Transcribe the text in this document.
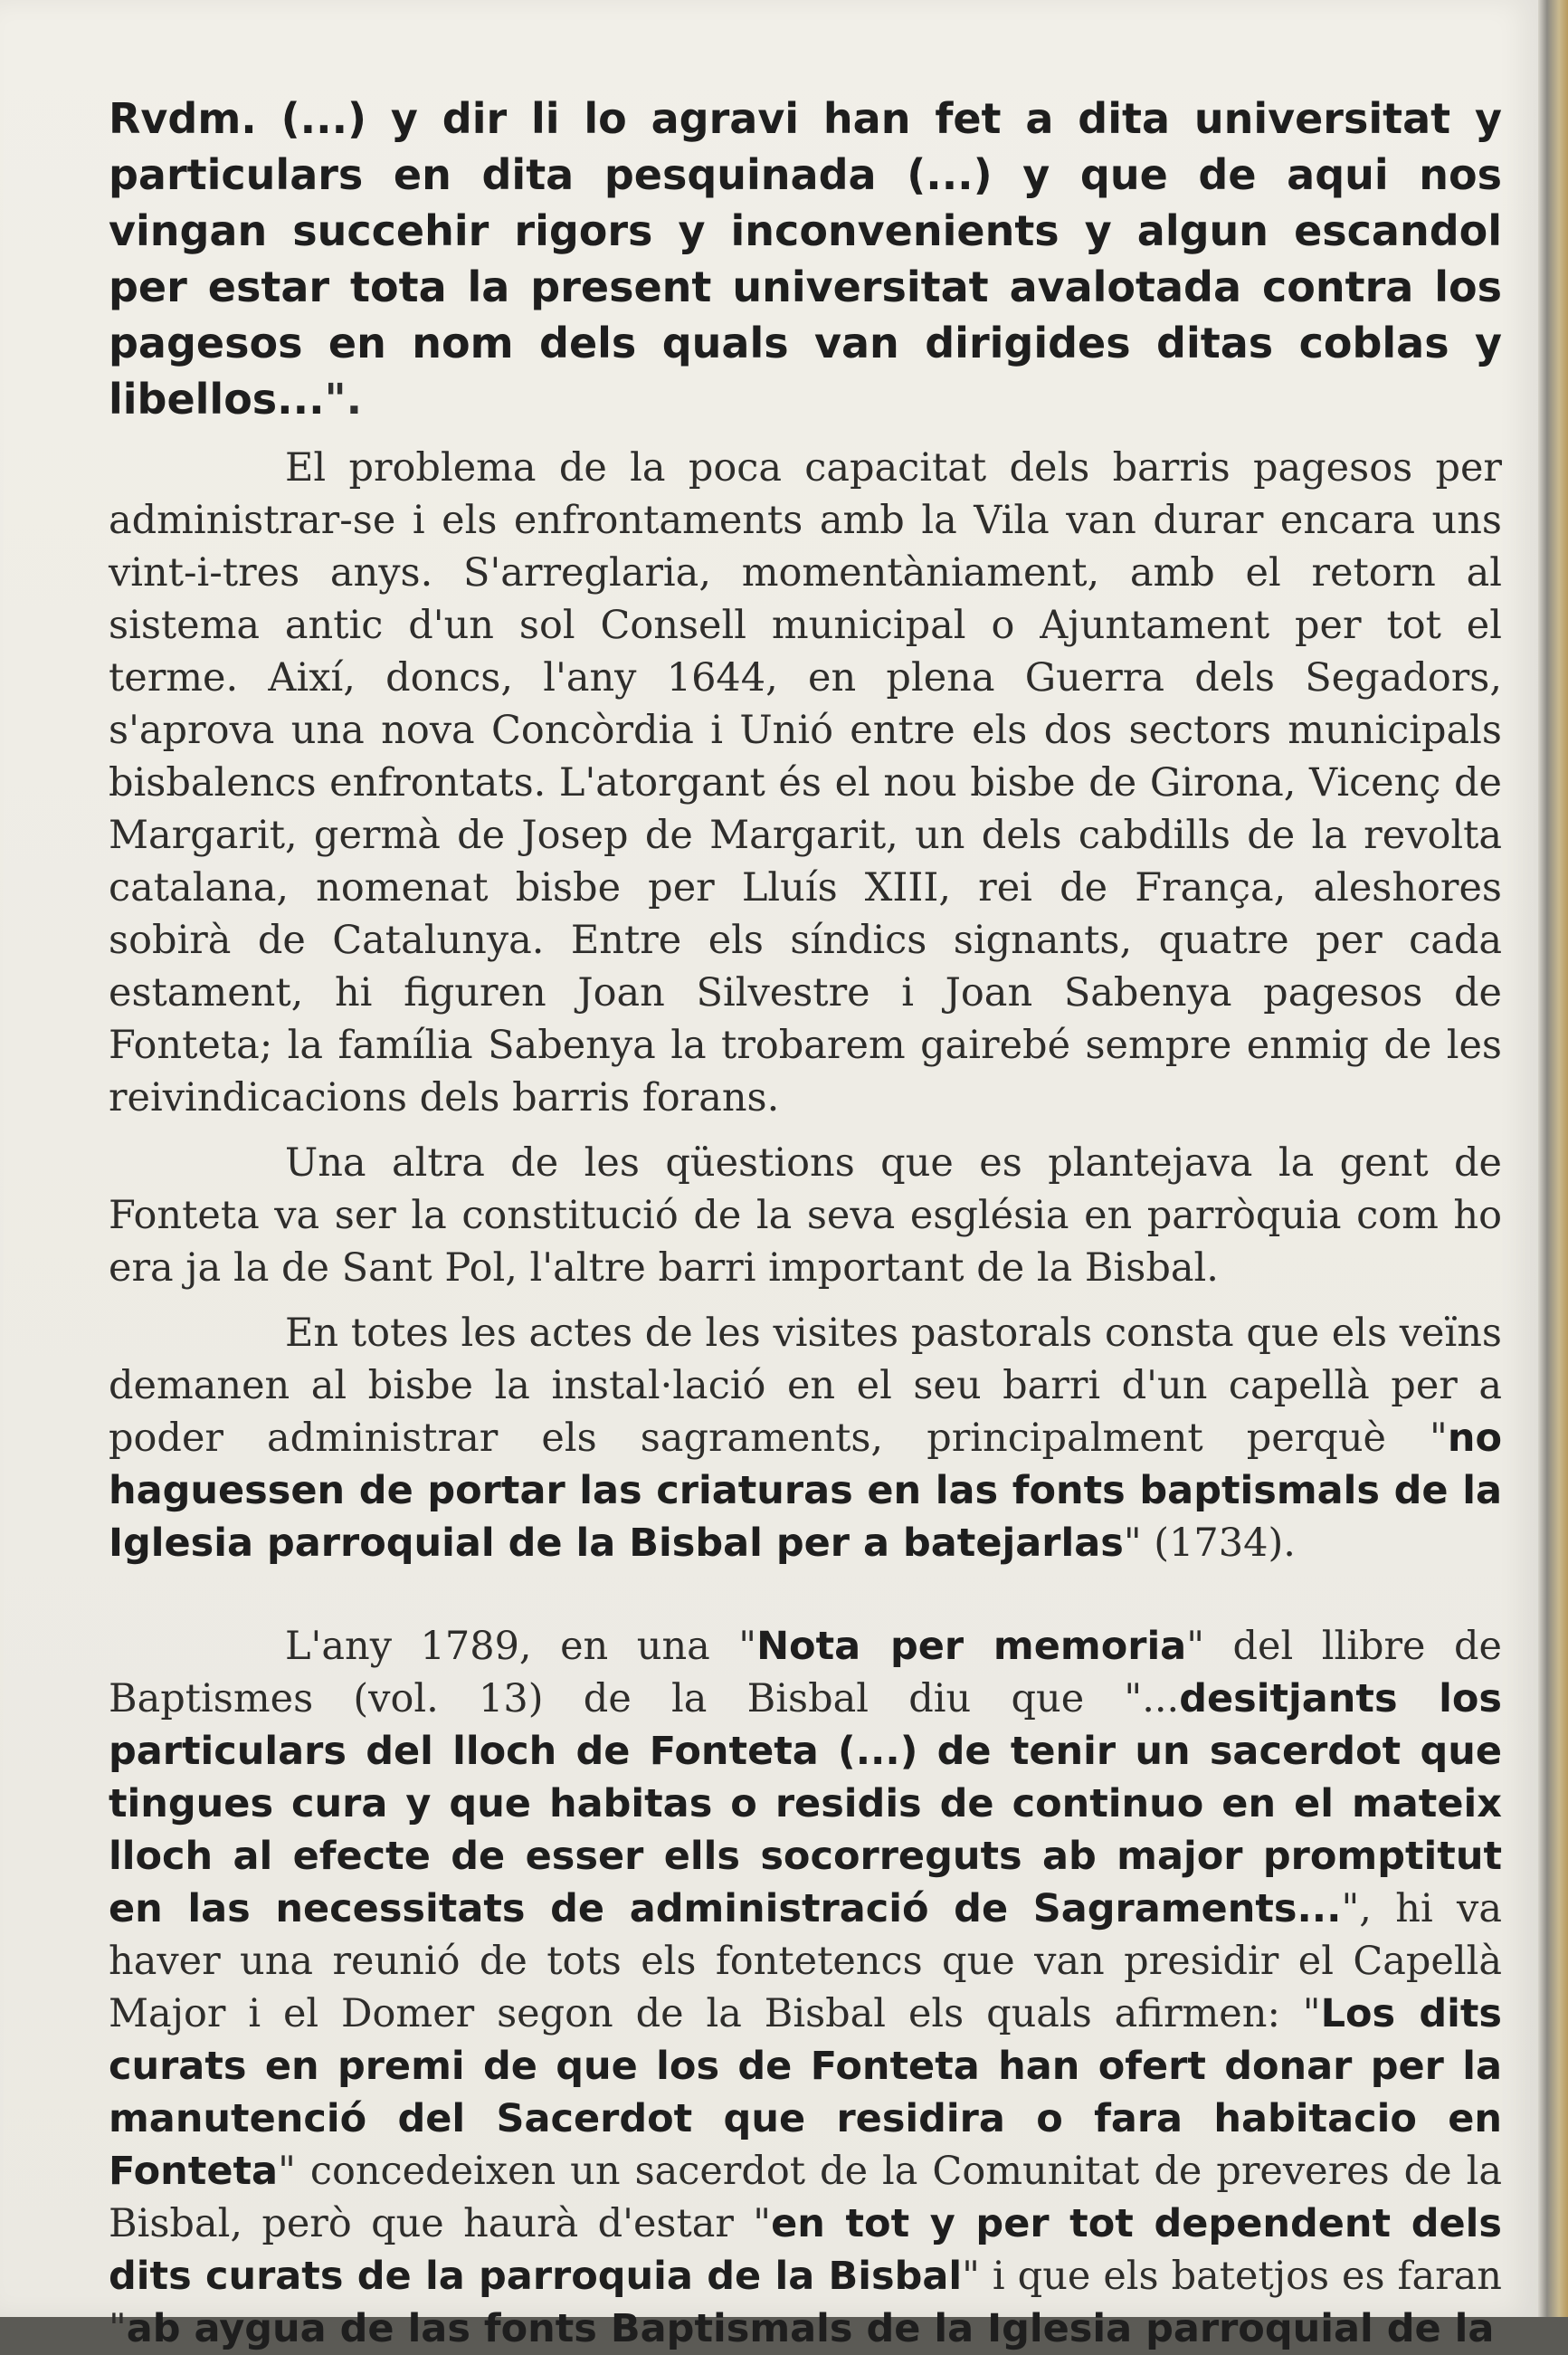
Rvdm. (...) y dir li lo agravi han fet a dita universitat y particulars en dita pesquinada (...) y que de aqui nos vingan succehir rigors y inconvenients y algun escandol per estar tota la present universitat avalotada contra los pagesos en nom dels quals van dirigides ditas coblas y libellos...".

El problema de la poca capacitat dels barris pagesos per administrar-se i els enfrontaments amb la Vila van durar encara uns vint-i-tres anys. S'arreglaria, momentàniament, amb el retorn al sistema antic d'un sol Consell municipal o Ajuntament per tot el terme. Així, doncs, l'any 1644, en plena Guerra dels Segadors, s'aprova una nova Concòrdia i Unió entre els dos sectors municipals bisbalencs enfrontats. L'atorgant és el nou bisbe de Girona, Vicenç de Margarit, germà de Josep de Margarit, un dels cabdills de la revolta catalana, nomenat bisbe per Lluís XIII, rei de França, aleshores sobirà de Catalunya. Entre els síndics signants, quatre per cada estament, hi figuren Joan Silvestre i Joan Sabenya pagesos de Fonteta; la família Sabenya la trobarem gairebé sempre enmig de les reivindicacions dels barris forans.

Una altra de les qüestions que es plantejava la gent de Fonteta va ser la constitució de la seva església en parròquia com ho era ja la de Sant Pol, l'altre barri important de la Bisbal.

En totes les actes de les visites pastorals consta que els veïns demanen al bisbe la instal·lació en el seu barri d'un capellà per a poder administrar els sagraments, principalment perquè "no haguessen de portar las criaturas en las fonts baptismals de la Iglesia parroquial de la Bisbal per a batejarlas" (1734).

L'any 1789, en una "Nota per memoria" del llibre de Baptismes (vol. 13) de la Bisbal diu que "...desitjants los particulars del lloch de Fonteta (...) de tenir un sacerdot que tingues cura y que habitas o residis de continuo en el mateix lloch al efecte de esser ells socorreguts ab major promptitut en las necessitats de administració de Sagraments...", hi va haver una reunió de tots els fontetencs que van presidir el Capellà Major i el Domer segon de la Bisbal els quals afirmen: "Los dits curats en premi de que los de Fonteta han ofert donar per la manutenció del Sacerdot que residira o fara habitacio en Fonteta" concedeixen un sacerdot de la Comunitat de preveres de la Bisbal, però que haurà d'estar "en tot y per tot dependent dels dits curats de la parroquia de la Bisbal" i que els batetjos es faran "ab aygua de las fonts Baptismals de la Iglesia parroquial de la
